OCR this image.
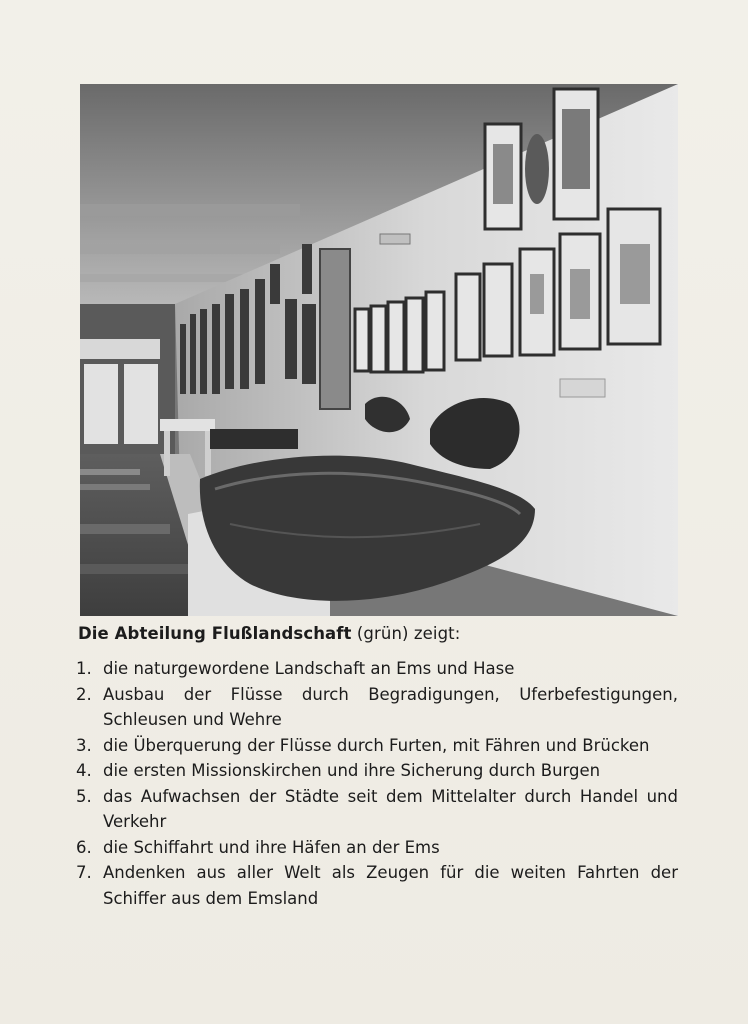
Die Abteilung Flußlandschaft (grün) zeigt:
1. die naturgewordene Landschaft an Ems und Hase
2. Ausbau der Flüsse durch Begradigungen, Uferbefestigungen, Schleusen und Wehre
3. die Überquerung der Flüsse durch Furten, mit Fähren und Brücken
4. die ersten Missionskirchen und ihre Sicherung durch Burgen
5. das Aufwachsen der Städte seit dem Mittelalter durch Handel und Verkehr
6. die Schiffahrt und ihre Häfen an der Ems
7. Andenken aus aller Welt als Zeugen für die weiten Fahrten der Schiffer aus dem Emsland
